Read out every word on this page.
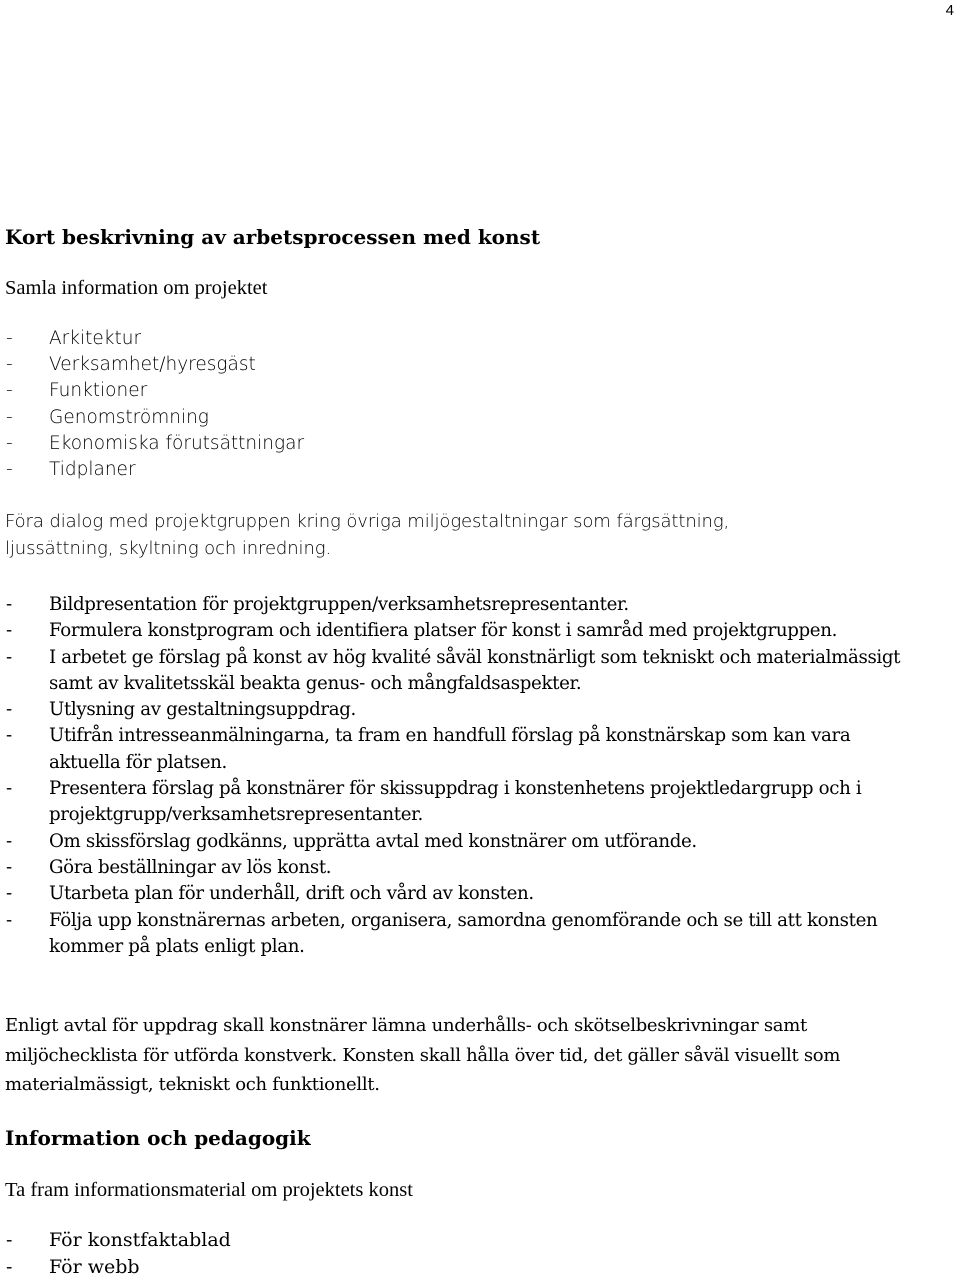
4
Kort beskrivning av arbetsprocessen med konst

Samla information om projektet

- Arkitektur
- Verksamhet/hyresgäst
- Funktioner
- Genomströmning
- Ekonomiska förutsättningar
- Tidplaner
Föra dialog med projektgruppen kring övriga miljögestaltningar som färgsättning,
ljussättning, skyltning och inredning.
- Bildpresentation för projektgruppen/verksamhetsrepresentanter.
- Formulera konstprogram och identifiera platser för konst i samråd med projektgruppen.
- I arbetet ge förslag på konst av hög kvalité såväl konstnärligt som tekniskt och materialmässigt samt av kvalitetsskäl beakta genus- och mångfaldsaspekter.
- Utlysning av gestaltningsuppdrag.
- Utifrån intresseanmälningarna, ta fram en handfull förslag på konstnärskap som kan vara aktuella för platsen.
- Presentera förslag på konstnärer för skissuppdrag i konstenhetens projektledargrupp och i projektgrupp/verksamhetsrepresentanter.
- Om skissförslag godkänns, upprätta avtal med konstnärer om utförande.
- Göra beställningar av lös konst.
- Utarbeta plan för underhåll, drift och vård av konsten.
- Följa upp konstnärernas arbeten, organisera, samordna genomförande och se till att konsten kommer på plats enligt plan.

Enligt avtal för uppdrag skall konstnärer lämna underhålls- och skötselbeskrivningar samt miljöchecklista för utförda konstverk. Konsten skall hålla över tid, det gäller såväl visuellt som materialmässigt, tekniskt och funktionellt.

Information och pedagogik

Ta fram informationsmaterial om projektets konst

- För konstfaktablad
- För webb
